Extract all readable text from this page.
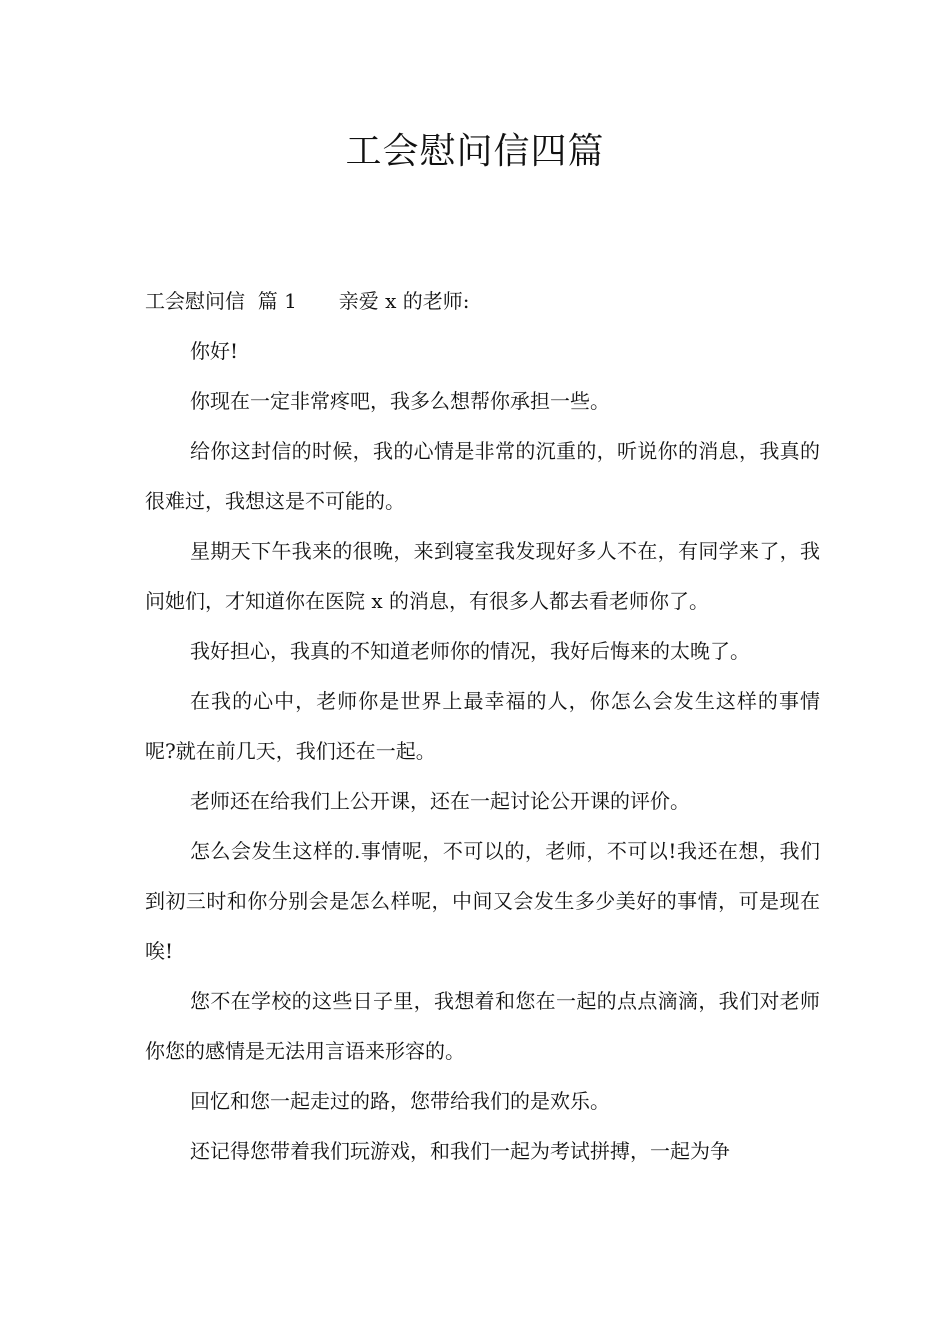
工会慰问信四篇

工会慰问信  篇 1 亲爱 x 的老师:

你好!

你现在一定非常疼吧，我多么想帮你承担一些。

给你这封信的时候，我的心情是非常的沉重的，听说你的消息，我真的很难过，我想这是不可能的。

星期天下午我来的很晚，来到寝室我发现好多人不在，有同学来了，我问她们，才知道你在医院 x 的消息，有很多人都去看老师你了。

我好担心，我真的不知道老师你的情况，我好后悔来的太晚了。

在我的心中，老师你是世界上最幸福的人，你怎么会发生这样的事情呢?就在前几天，我们还在一起。

老师还在给我们上公开课，还在一起讨论公开课的评价。

怎么会发生这样的.事情呢，不可以的，老师，不可以!我还在想，我们到初三时和你分别会是怎么样呢，中间又会发生多少美好的事情，可是现在唉!

您不在学校的这些日子里，我想着和您在一起的点点滴滴，我们对老师你您的感情是无法用言语来形容的。

回忆和您一起走过的路，您带给我们的是欢乐。

还记得您带着我们玩游戏，和我们一起为考试拼搏，一起为争
